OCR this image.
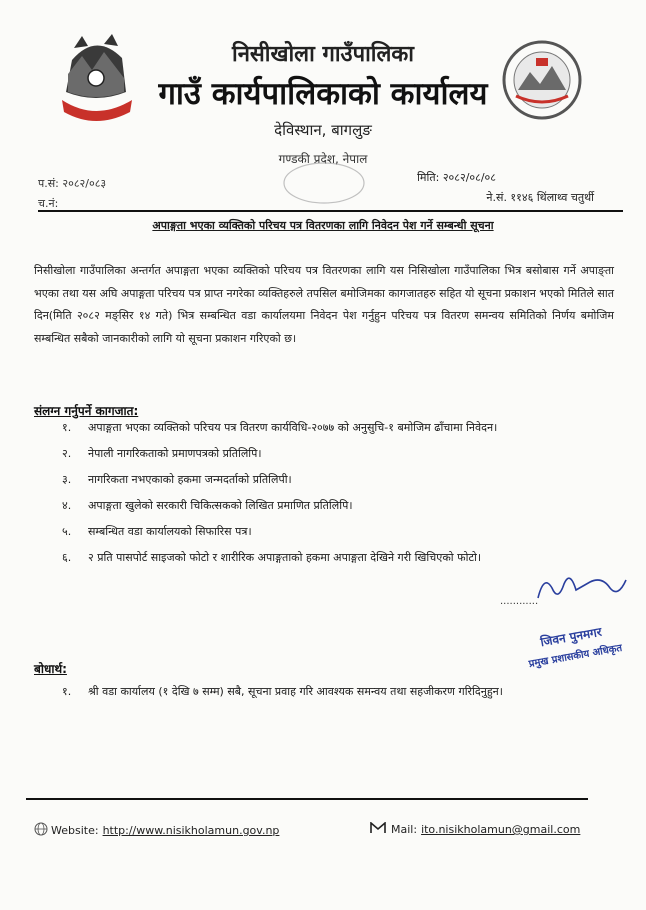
निसीखोला गाउँपालिका
गाउँ कार्यपालिकाको कार्यालय
देविस्थान, बागलुङ
गण्डकी प्रदेश, नेपाल
प.सं: २०८२/०८३
च.नं:
मिति: २०८२/०८/०८
ने.सं. ११४६ थिंलाथ्व चतुर्थी
अपाङ्गता भएका व्यक्तिको परिचय पत्र वितरणका लागि निवेदन पेश गर्ने सम्बन्धी सूचना
निसीखोला गाउँपालिका अन्तर्गत अपाङ्गता भएका व्यक्तिको परिचय पत्र वितरणका लागि यस निसिखोला गाउँपालिका भित्र बसोबास गर्ने अपाङ्ता भएका तथा यस अघि अपाङ्गता परिचय पत्र प्राप्त नगरेका व्यक्तिहरुले तपसिल बमोजिमका कागजातहरु सहित यो सूचना प्रकाशन भएको मितिले सात दिन(मिति २०८२ मङ्सिर १४ गते) भित्र सम्बन्धित वडा कार्यालयमा निवेदन पेश गर्नुहुन परिचय पत्र वितरण समन्वय समितिको निर्णय बमोजिम सम्बन्धित सबैको जानकारीको लागि यो सूचना प्रकाशन गरिएको छ।
संलग्न गर्नुपर्ने कागजात:
१.	अपाङ्गता भएका व्यक्तिको परिचय पत्र वितरण कार्यविधि-२०७७ को अनुसुचि-१ बमोजिम ढाँचामा निवेदन।
२.	नेपाली नागरिकताको प्रमाणपत्रको प्रतिलिपि।
३.	नागरिकता नभएकाको हकमा जन्मदर्ताको प्रतिलिपी।
४.	अपाङ्गता खुलेको सरकारी चिकित्सकको लिखित प्रमाणित प्रतिलिपि।
५.	सम्बन्धित वडा कार्यालयको सिफारिस पत्र।
६.	२ प्रति पासपोर्ट साइजको फोटो र शारीरिक अपाङ्गताको हकमा अपाङ्गता देखिने गरी खिचिएको फोटो।
............
जिवन पुनमगर
प्रमुख प्रशासकीय अधिकृत
बोधार्थ:
१.	श्री वडा कार्यालय (१ देखि ७ सम्म) सबै, सूचना प्रवाह गरि आवश्यक समन्वय तथा सहजीकरण गरिदिनुहुन।
Website: http://www.nisikholamun.gov.np	Mail: ito.nisikholamun@gmail.com
